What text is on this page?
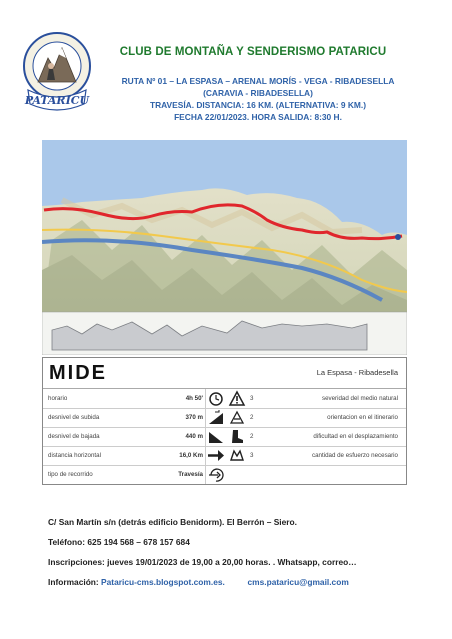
PATARICU
CLUB DE MONTAÑA Y SENDERISMO PATARICU
RUTA Nº 01 – LA ESPASA – ARENAL MORÍS - VEGA - RIBADESELLA
(CARAVIA - RIBADESELLA)
TRAVESÍA. DISTANCIA: 16 KM. (ALTERNATIVA: 9 KM.)
FECHA 22/01/2023. HORA SALIDA: 8:30 H.
MIDE	La Espasa - Ribadesella
horario	4h 50'	3	severidad del medio natural
desnivel de subida	370 m	2	orientacion en el itinerario
desnivel de bajada	440 m	2	dificultad en el desplazamiento
distancia horizontal	16,0 Km	3	cantidad de esfuerzo necesario
tipo de recorrido	Travesía
C/ San Martín s/n (detrás edificio Benidorm). El Berrón – Siero.
Teléfono: 625 194 568 – 678 157 684
Inscripciones: jueves 19/01/2023 de 19,00 a 20,00 horas. . Whatsapp, correo…
Información: Pataricu-cms.blogspot.com.es.	cms.pataricu@gmail.com
